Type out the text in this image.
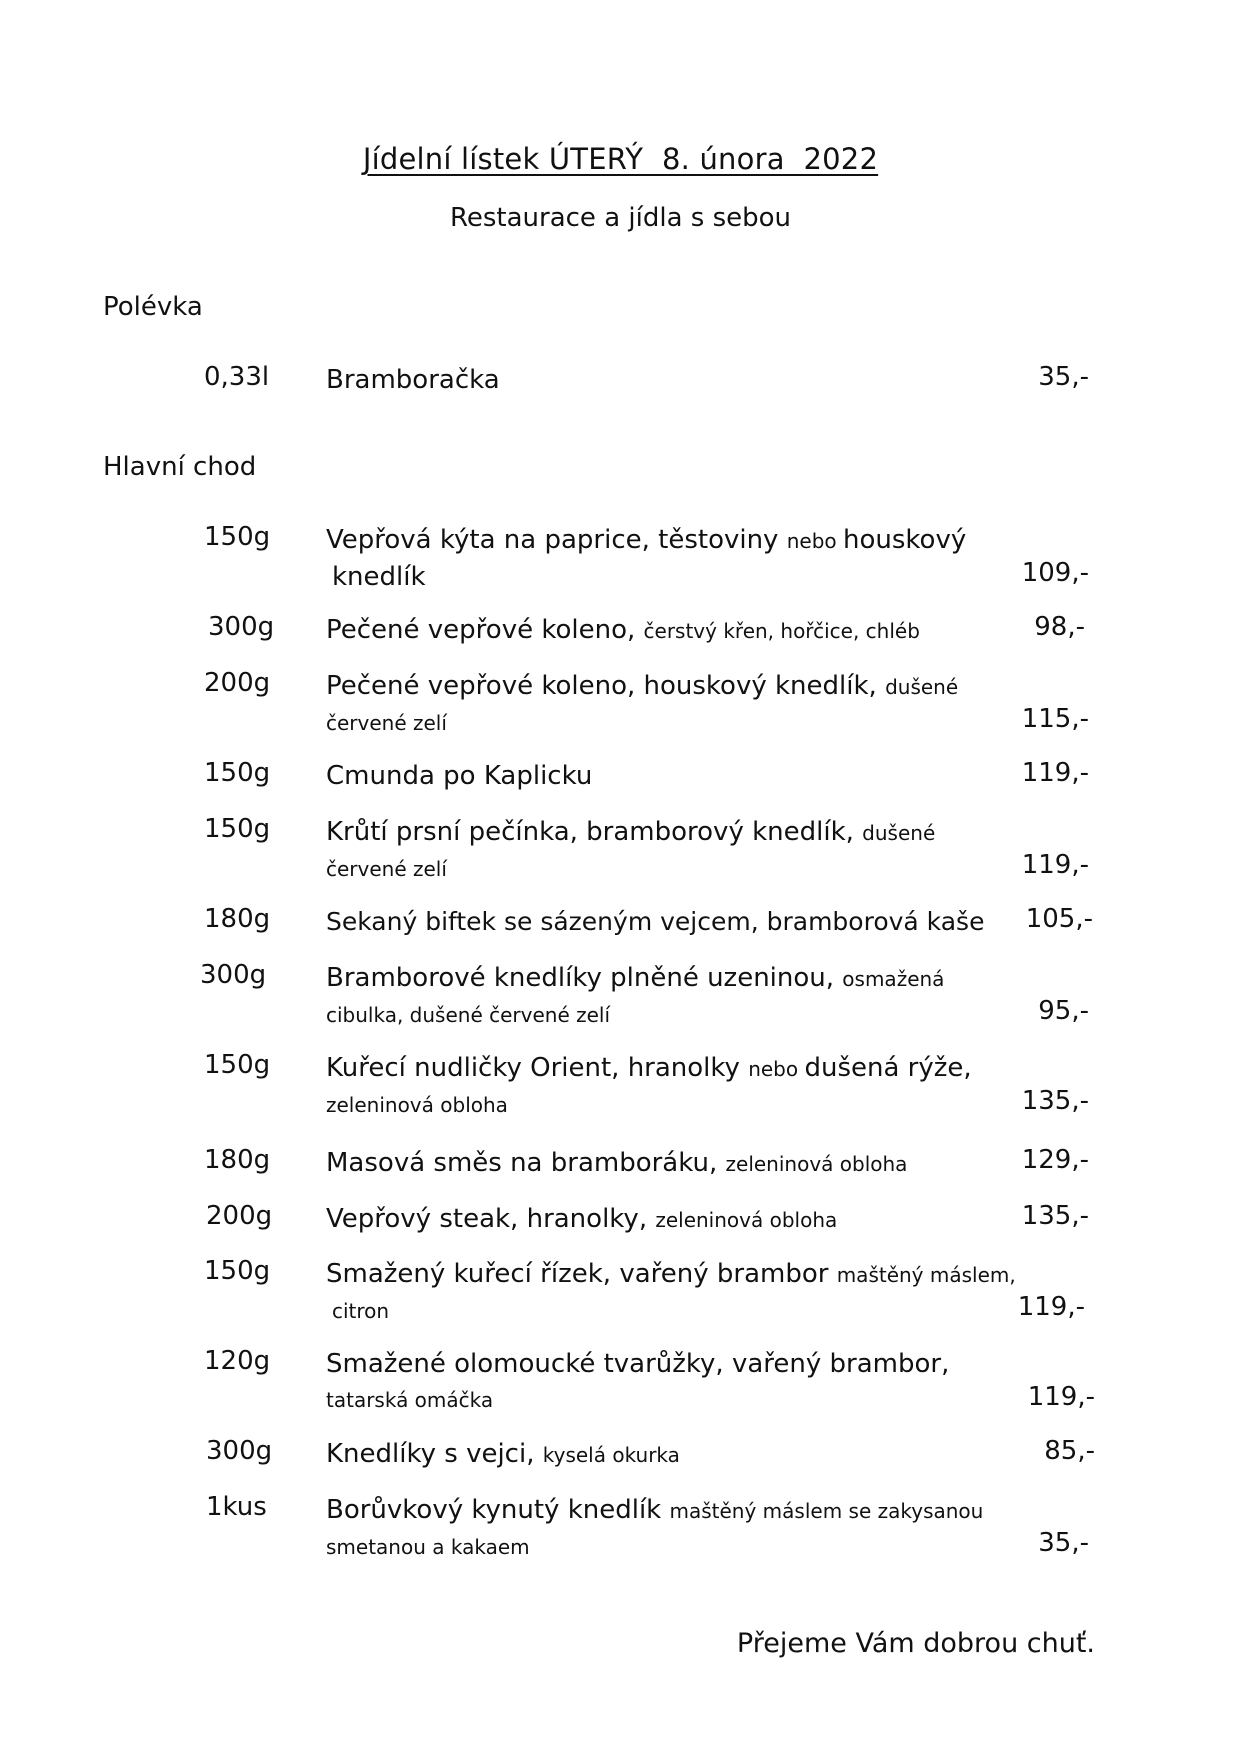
Jídelní lístek ÚTERÝ  8. února  2022
Restaurace a jídla s sebou
Polévka
0,33l Bramboračka	35,-
Hlavní chod
150g Vepřová kýta na paprice, těstoviny nebo houskový
knedlík	109,-
300g Pečené vepřové koleno, čerstvý křen, hořčice, chléb	98,-
200g Pečené vepřové koleno, houskový knedlík, dušené
červené zelí	115,-
150g Cmunda po Kaplicku	119,-
150g Krůtí prsní pečínka, bramborový knedlík, dušené
červené zelí	119,-
180g Sekaný biftek se sázeným vejcem, bramborová kaše	105,-
300g Bramborové knedlíky plněné uzeninou, osmažená
cibulka, dušené červené zelí	95,-
150g Kuřecí nudličky Orient, hranolky nebo dušená rýže,
zeleninová obloha	135,-
180g Masová směs na bramboráku, zeleninová obloha	129,-
200g Vepřový steak, hranolky, zeleninová obloha	135,-
150g Smažený kuřecí řízek, vařený brambor maštěný máslem,
citron	119,-
120g Smažené olomoucké tvarůžky, vařený brambor,
tatarská omáčka	119,-
300g Knedlíky s vejci, kyselá okurka	85,-
1kus Borůvkový kynutý knedlík maštěný máslem se zakysanou
smetanou a kakaem	35,-
Přejeme Vám dobrou chuť.
